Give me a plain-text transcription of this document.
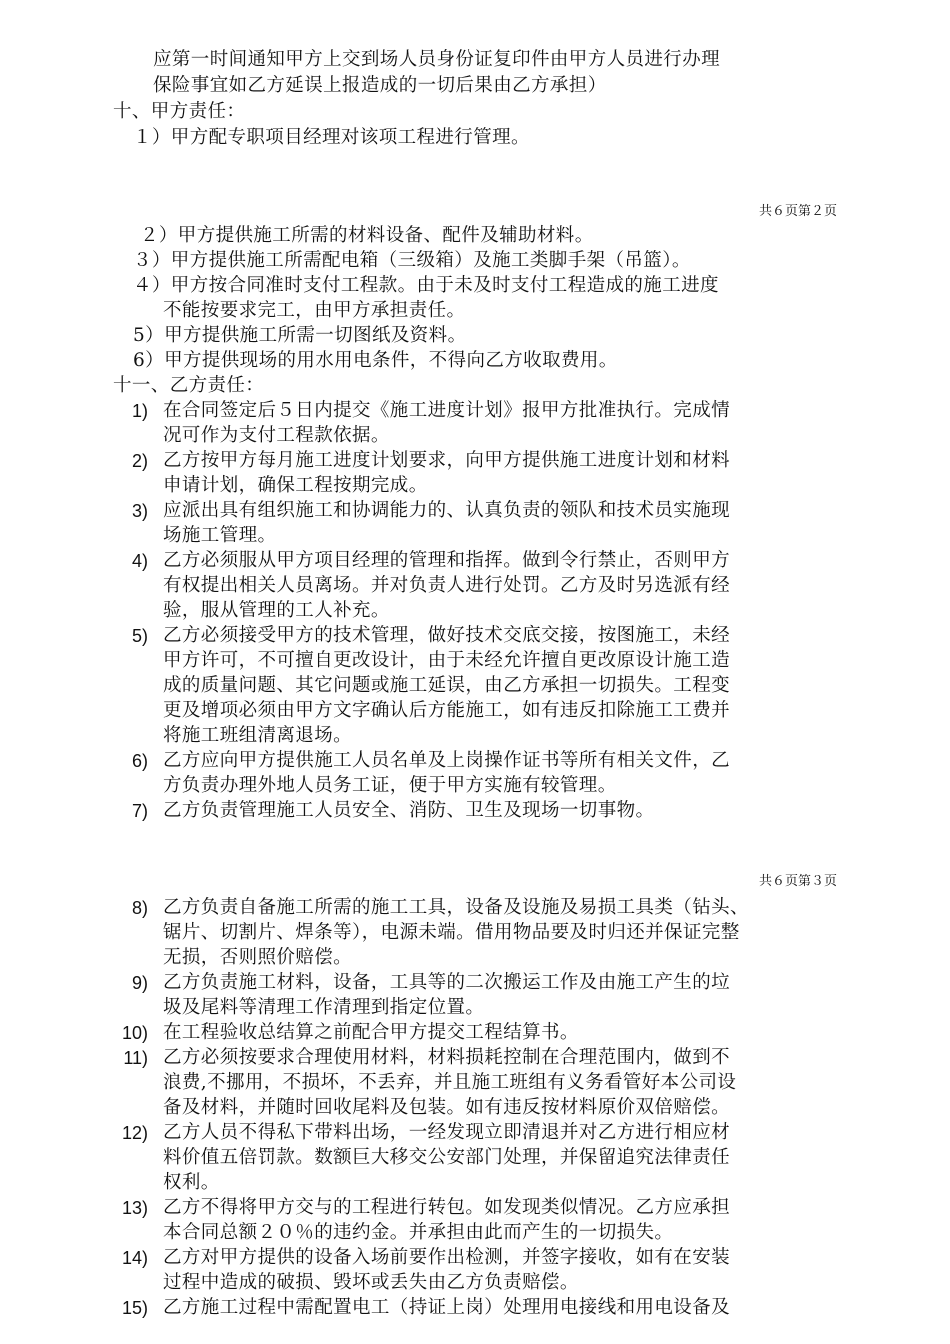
应第一时间通知甲方上交到场人员身份证复印件由甲方人员进行办理
保险事宜如乙方延误上报造成的一切后果由乙方承担）
十、甲方责任：
１）甲方配专职项目经理对该项工程进行管理。
共６页第２页
２）甲方提供施工所需的材料设备、配件及辅助材料。
３）甲方提供施工所需配电箱（三级箱）及施工类脚手架（吊篮）。
４）甲方按合同准时支付工程款。由于未及时支付工程造成的施工进度
不能按要求完工，由甲方承担责任。
5）甲方提供施工所需一切图纸及资料。
6）甲方提供现场的用水用电条件，不得向乙方收取费用。
十一、乙方责任：
1) 在合同签定后５日内提交《施工进度计划》报甲方批准执行。完成情
况可作为支付工程款依据。
2) 乙方按甲方每月施工进度计划要求，向甲方提供施工进度计划和材料
申请计划，确保工程按期完成。
3) 应派出具有组织施工和协调能力的、认真负责的领队和技术员实施现
场施工管理。
4) 乙方必须服从甲方项目经理的管理和指挥。做到令行禁止，否则甲方
有权提出相关人员离场。并对负责人进行处罚。乙方及时另选派有经
验，服从管理的工人补充。
5) 乙方必须接受甲方的技术管理，做好技术交底交接，按图施工，未经
甲方许可，不可擅自更改设计，由于未经允许擅自更改原设计施工造
成的质量问题、其它问题或施工延误，由乙方承担一切损失。工程变
更及增项必须由甲方文字确认后方能施工，如有违反扣除施工工费并
将施工班组清离退场。
6) 乙方应向甲方提供施工人员名单及上岗操作证书等所有相关文件，乙
方负责办理外地人员务工证，便于甲方实施有较管理。
7) 乙方负责管理施工人员安全、消防、卫生及现场一切事物。
共６页第３页
8) 乙方负责自备施工所需的施工工具，设备及设施及易损工具类（钻头、
锯片、切割片、焊条等），电源未端。借用物品要及时归还并保证完整
无损，否则照价赔偿。
9) 乙方负责施工材料，设备，工具等的二次搬运工作及由施工产生的垃
圾及尾料等清理工作清理到指定位置。
10) 在工程验收总结算之前配合甲方提交工程结算书。
11) 乙方必须按要求合理使用材料，材料损耗控制在合理范围内，做到不
浪费,不挪用，不损坏，不丢弃，并且施工班组有义务看管好本公司设
备及材料，并随时回收尾料及包装。如有违反按材料原价双倍赔偿。
12) 乙方人员不得私下带料出场，一经发现立即清退并对乙方进行相应材
料价值五倍罚款。数额巨大移交公安部门处理，并保留追究法律责任
权利。
13) 乙方不得将甲方交与的工程进行转包。如发现类似情况。乙方应承担
本合同总额２０％的违约金。并承担由此而产生的一切损失。
14) 乙方对甲方提供的设备入场前要作出检测，并签字接收，如有在安装
过程中造成的破损、毁坏或丢失由乙方负责赔偿。
15) 乙方施工过程中需配置电工（持证上岗）处理用电接线和用电设备及
